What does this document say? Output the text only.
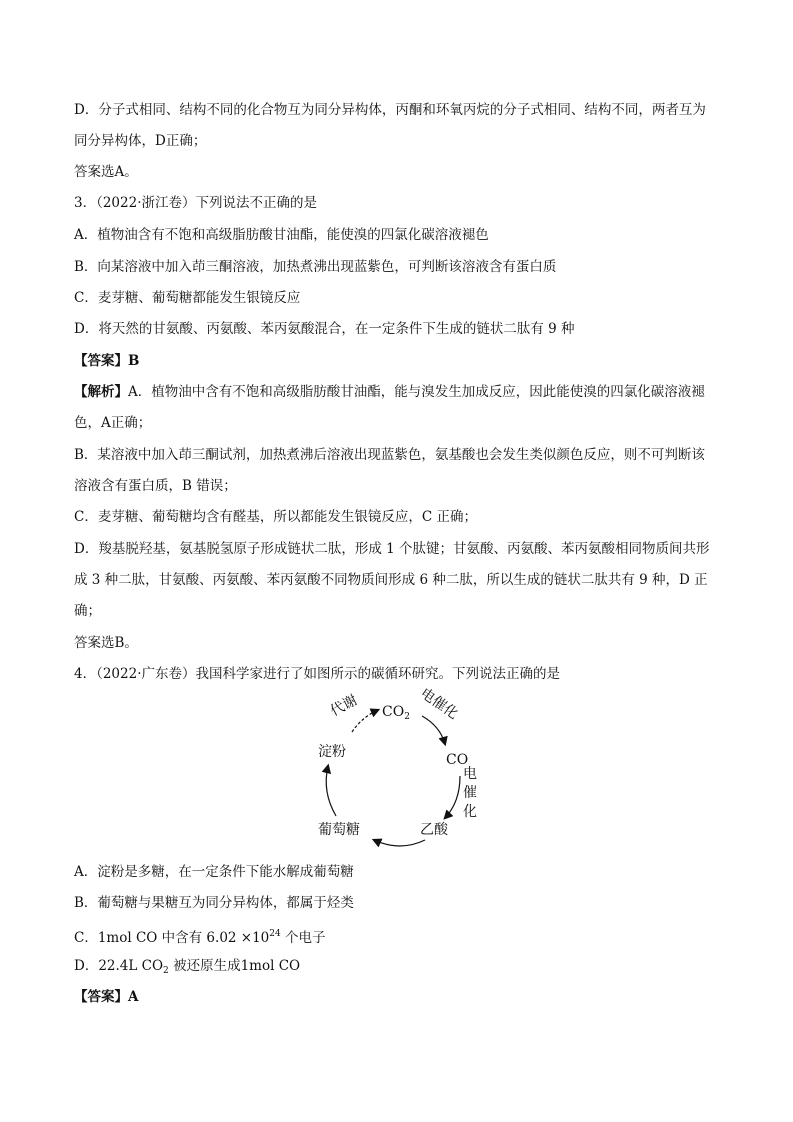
D．分子式相同、结构不同的化合物互为同分异构体，丙酮和环氧丙烷的分子式相同、结构不同，两者互为
同分异构体，D正确；
答案选A。
3．（2022·浙江卷）下列说法不正确的是
A．植物油含有不饱和高级脂肪酸甘油酯，能使溴的四氯化碳溶液褪色
B．向某溶液中加入茚三酮溶液，加热煮沸出现蓝紫色，可判断该溶液含有蛋白质
C．麦芽糖、葡萄糖都能发生银镜反应
D．将天然的甘氨酸、丙氨酸、苯丙氨酸混合，在一定条件下生成的链状二肽有 9 种
【答案】B
【解析】A．植物油中含有不饱和高级脂肪酸甘油酯，能与溴发生加成反应，因此能使溴的四氯化碳溶液褪
色，A正确；
B．某溶液中加入茚三酮试剂，加热煮沸后溶液出现蓝紫色，氨基酸也会发生类似颜色反应，则不可判断该
溶液含有蛋白质，B 错误；
C．麦芽糖、葡萄糖均含有醛基，所以都能发生银镜反应，C 正确；
D．羧基脱羟基，氨基脱氢原子形成链状二肽，形成 1 个肽键；甘氨酸、丙氨酸、苯丙氨酸相同物质间共形
成 3 种二肽，甘氨酸、丙氨酸、苯丙氨酸不同物质间形成 6 种二肽，所以生成的链状二肽共有 9 种，D 正
确；
答案选B。
4．（2022·广东卷）我国科学家进行了如图所示的碳循环研究。下列说法正确的是
代谢 $CO_2$ 电催化
CO
电
催
化
乙酸
葡萄糖
淀粉
A．淀粉是多糖，在一定条件下能水解成葡萄糖
B．葡萄糖与果糖互为同分异构体，都属于烃类
C．1mol CO 中含有 $6.02 \times 10^{24}$ 个电子
D．22.4L $CO_2$ 被还原生成1mol CO
【答案】A
